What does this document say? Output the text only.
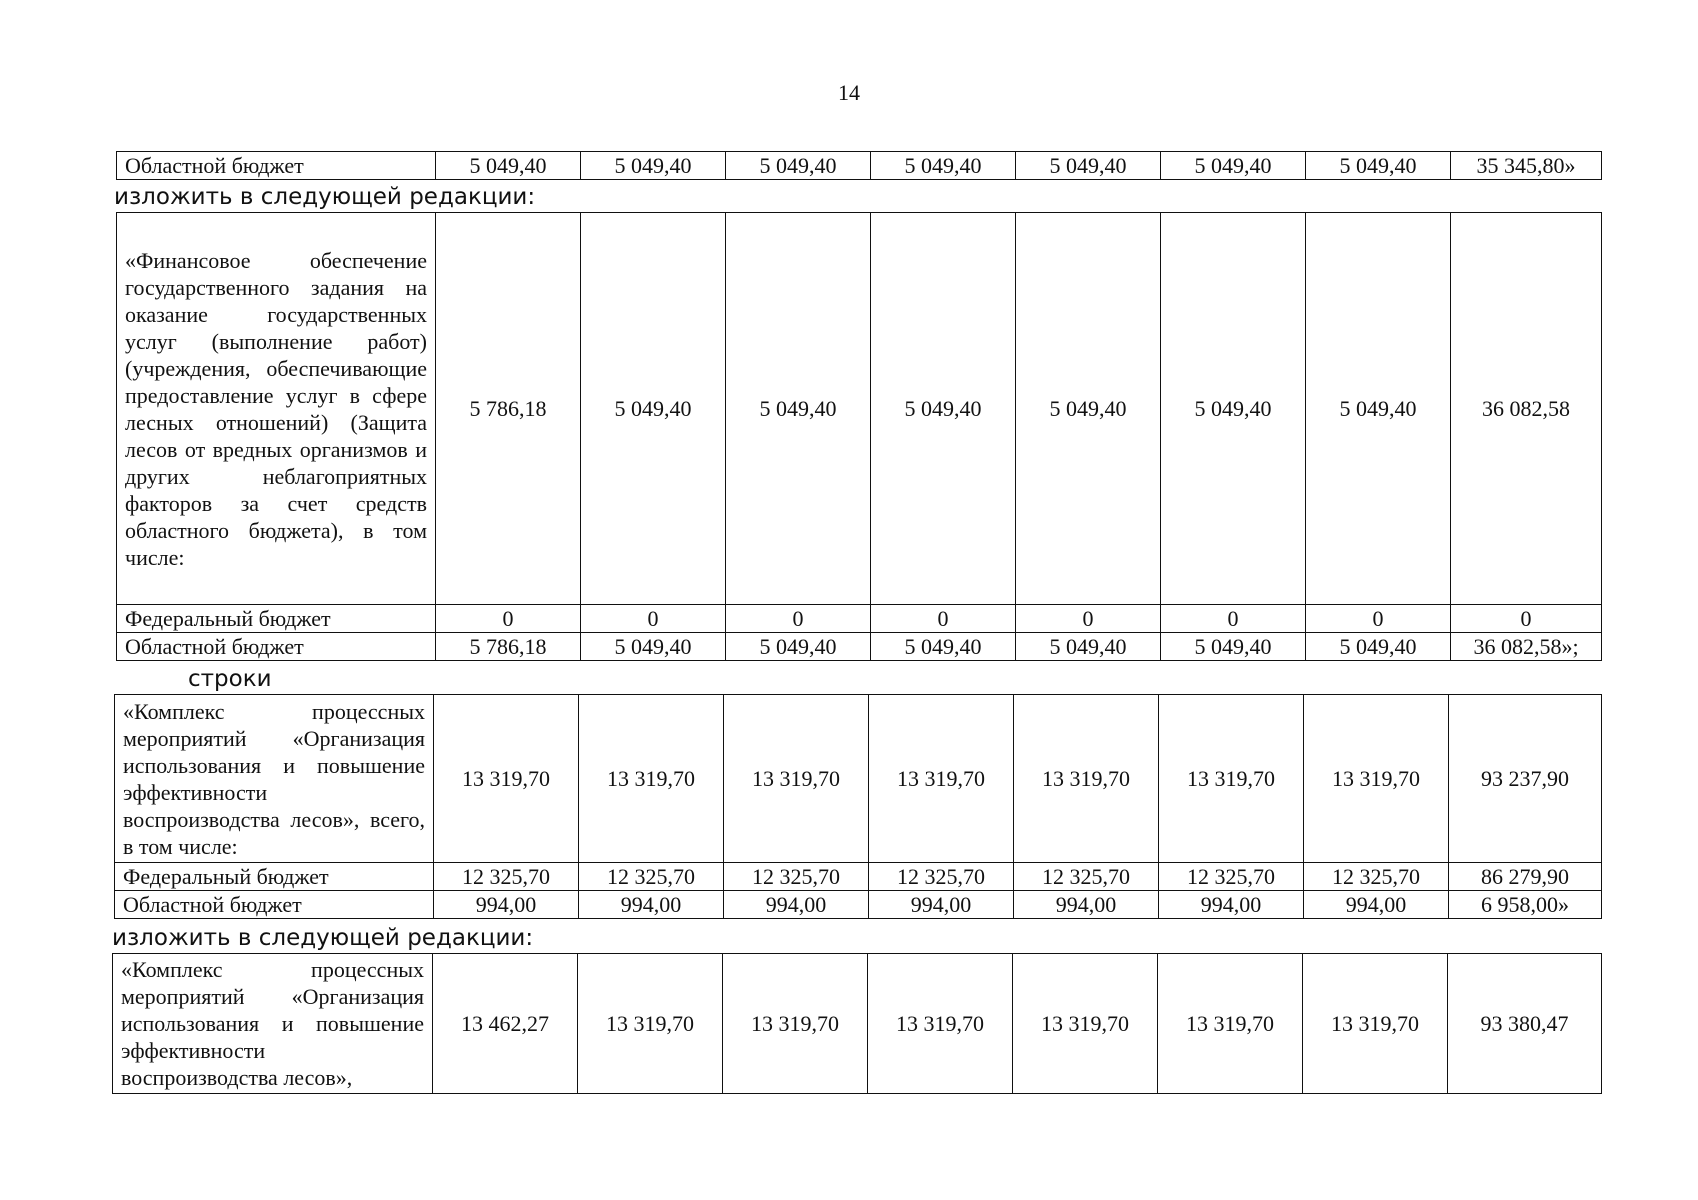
14
Областной бюджет	5 049,40	5 049,40	5 049,40	5 049,40	5 049,40	5 049,40	5 049,40	35 345,80»
изложить в следующей редакции:
«Финансовое обеспечение государственного задания на оказание государственных услуг (выполнение работ) (учреждения, обеспечивающие предоставление услуг в сфере лесных отношений) (Защита лесов от вредных организмов и других неблагоприятных факторов за счет средств областного бюджета), в том числе:	5 786,18	5 049,40	5 049,40	5 049,40	5 049,40	5 049,40	5 049,40	36 082,58
Федеральный бюджет	0	0	0	0	0	0	0	0
Областной бюджет	5 786,18	5 049,40	5 049,40	5 049,40	5 049,40	5 049,40	5 049,40	36 082,58»;
строки
«Комплекс процессных мероприятий «Организация использования и повышение эффективности воспроизводства лесов», всего, в том числе:	13 319,70	13 319,70	13 319,70	13 319,70	13 319,70	13 319,70	13 319,70	93 237,90
Федеральный бюджет	12 325,70	12 325,70	12 325,70	12 325,70	12 325,70	12 325,70	12 325,70	86 279,90
Областной бюджет	994,00	994,00	994,00	994,00	994,00	994,00	994,00	6 958,00»
изложить в следующей редакции:
«Комплекс процессных мероприятий «Организация использования и повышение эффективности воспроизводства лесов»,	13 462,27	13 319,70	13 319,70	13 319,70	13 319,70	13 319,70	13 319,70	93 380,47
